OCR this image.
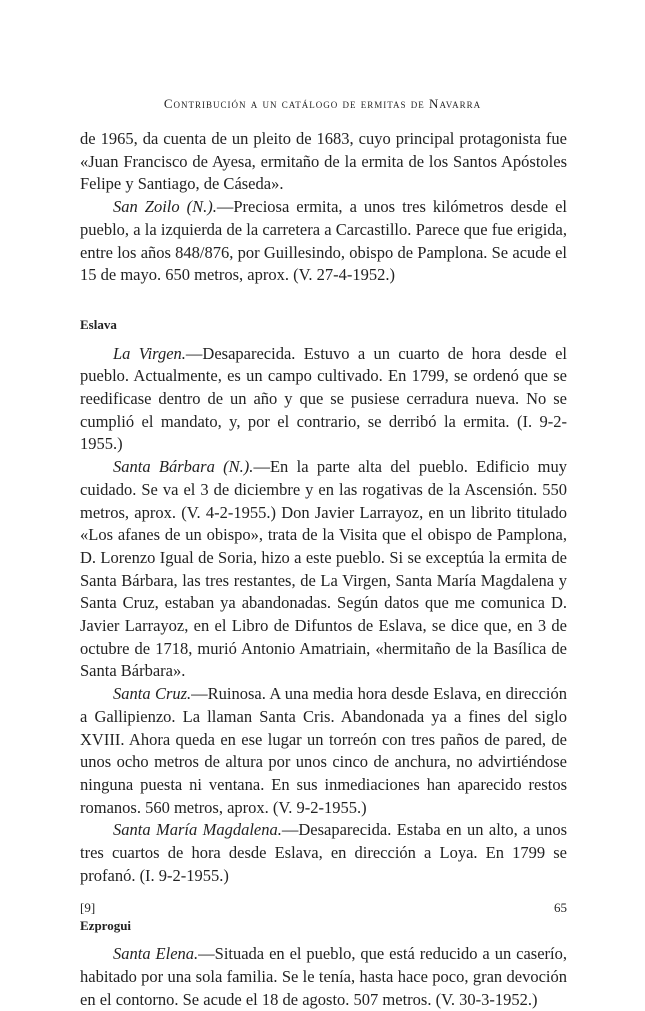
Contribución a un catálogo de ermitas de Navarra

de 1965, da cuenta de un pleito de 1683, cuyo principal protagonista fue «Juan Francisco de Ayesa, ermitaño de la ermita de los Santos Apóstoles Felipe y Santiago, de Cáseda».

San Zoilo (N.).—Preciosa ermita, a unos tres kilómetros desde el pueblo, a la izquierda de la carretera a Carcastillo. Parece que fue erigida, entre los años 848/876, por Guillesindo, obispo de Pamplona. Se acude el 15 de mayo. 650 metros, aprox. (V. 27-4-1952.)

Eslava

La Virgen.—Desaparecida. Estuvo a un cuarto de hora desde el pueblo. Actualmente, es un campo cultivado. En 1799, se ordenó que se reedificase dentro de un año y que se pusiese cerradura nueva. No se cumplió el mandato, y, por el contrario, se derribó la ermita. (I. 9-2-1955.)

Santa Bárbara (N.).—En la parte alta del pueblo. Edificio muy cuidado. Se va el 3 de diciembre y en las rogativas de la Ascensión. 550 metros, aprox. (V. 4-2-1955.) Don Javier Larrayoz, en un librito titulado «Los afanes de un obispo», trata de la Visita que el obispo de Pamplona, D. Lorenzo Igual de Soria, hizo a este pueblo. Si se exceptúa la ermita de Santa Bárbara, las tres restantes, de La Virgen, Santa María Magdalena y Santa Cruz, estaban ya abandonadas. Según datos que me comunica D. Javier Larrayoz, en el Libro de Difuntos de Eslava, se dice que, en 3 de octubre de 1718, murió Antonio Amatriain, «hermitaño de la Basílica de Santa Bárbara».

Santa Cruz.—Ruinosa. A una media hora desde Eslava, en dirección a Gallipienzo. La llaman Santa Cris. Abandonada ya a fines del siglo XVIII. Ahora queda en ese lugar un torreón con tres paños de pared, de unos ocho metros de altura por unos cinco de anchura, no advirtiéndose ninguna puesta ni ventana. En sus inmediaciones han aparecido restos romanos. 560 metros, aprox. (V. 9-2-1955.)

Santa María Magdalena.—Desaparecida. Estaba en un alto, a unos tres cuartos de hora desde Eslava, en dirección a Loya. En 1799 se profanó. (I. 9-2-1955.)

Ezprogui

Santa Elena.—Situada en el pueblo, que está reducido a un caserío, habitado por una sola familia. Se le tenía, hasta hace poco, gran devoción en el contorno. Se acude el 18 de agosto. 507 metros. (V. 30-3-1952.)

[9]	65
